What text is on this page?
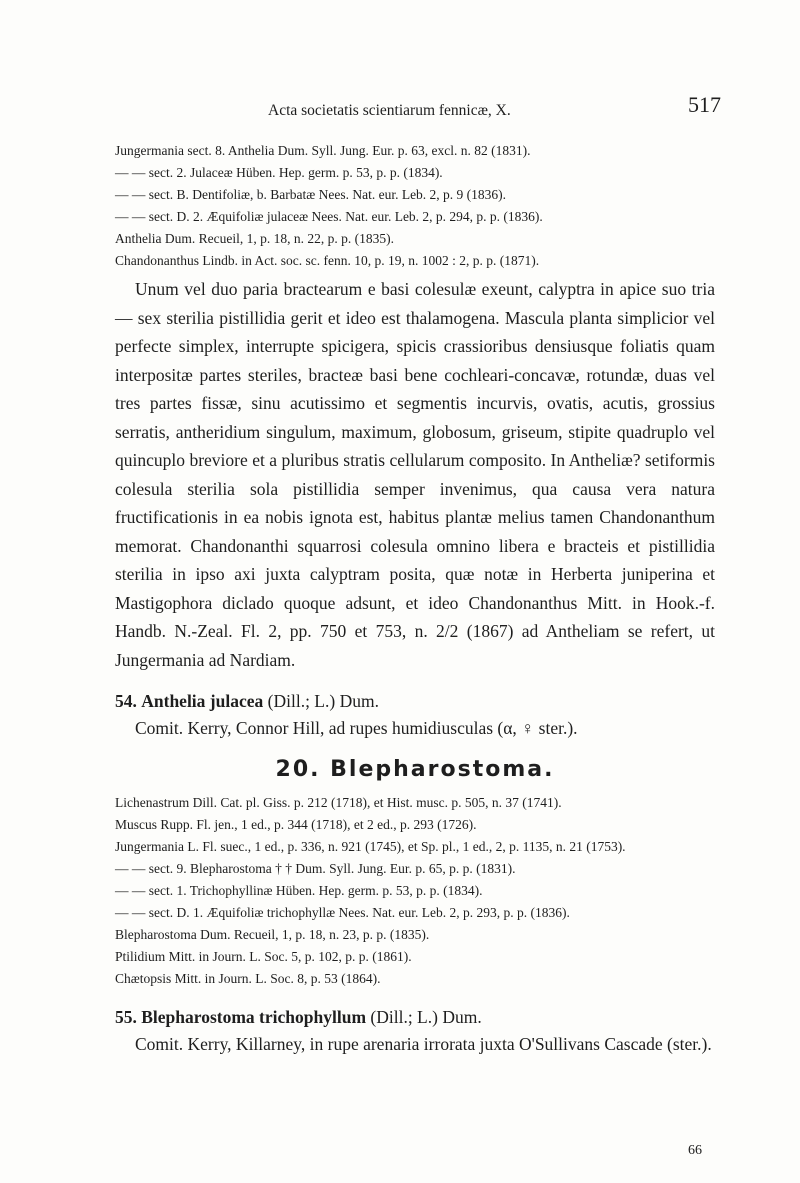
Acta societatis scientiarum fennicæ, X.	517
Jungermania sect. 8. Anthelia Dum. Syll. Jung. Eur. p. 63, excl. n. 82 (1831).
— — sect. 2. Julaceæ Hüben. Hep. germ. p. 53, p. p. (1834).
— — sect. B. Dentifoliæ, b. Barbatæ Nees. Nat. eur. Leb. 2, p. 9 (1836).
— — sect. D. 2. Æquifoliæ julaceæ Nees. Nat. eur. Leb. 2, p. 294, p. p. (1836).
Anthelia Dum. Recueil, 1, p. 18, n. 22, p. p. (1835).
Chandonanthus Lindb. in Act. soc. sc. fenn. 10, p. 19, n. 1002 : 2, p. p. (1871).

Unum vel duo paria bractearum e basi colesulæ exeunt, calyptra in apice suo tria — sex sterilia pistillidia gerit et ideo est thalamogena. Mascula planta simplicior vel perfecte simplex, interrupte spicigera, spicis crassioribus densiusque foliatis quam interpositæ partes steriles, bracteæ basi bene cochleari-concavæ, rotundæ, duas vel tres partes fissæ, sinu acutissimo et segmentis incurvis, ovatis, acutis, grossius serratis, antheridium singulum, maximum, globosum, griseum, stipite quadruplo vel quincuplo breviore et a pluribus stratis cellularum composito. In Antheliæ? setiformis colesula sterilia sola pistillidia semper invenimus, qua causa vera natura fructificationis in ea nobis ignota est, habitus plantæ melius tamen Chandonanthum memorat. Chandonanthi squarrosi colesula omnino libera e bracteis et pistillidia sterilia in ipso axi juxta calyptram posita, quæ notæ in Herberta juniperina et Mastigophora diclado quoque adsunt, et ideo Chandonanthus Mitt. in Hook.-f. Handb. N.-Zeal. Fl. 2, pp. 750 et 753, n. 2/2 (1867) ad Antheliam se refert, ut Jungermania ad Nardiam.

54. Anthelia julacea (Dill.; L.) Dum.
Comit. Kerry, Connor Hill, ad rupes humidiusculas (α, ♀ ster.).
20. Blepharostoma.
Lichenastrum Dill. Cat. pl. Giss. p. 212 (1718), et Hist. musc. p. 505, n. 37 (1741).
Muscus Rupp. Fl. jen., 1 ed., p. 344 (1718), et 2 ed., p. 293 (1726).
Jungermania L. Fl. suec., 1 ed., p. 336, n. 921 (1745), et Sp. pl., 1 ed., 2, p. 1135, n. 21 (1753).
— — sect. 9. Blepharostoma † † Dum. Syll. Jung. Eur. p. 65, p. p. (1831).
— — sect. 1. Trichophyllinæ Hüben. Hep. germ. p. 53, p. p. (1834).
— — sect. D. 1. Æquifoliæ trichophyllæ Nees. Nat. eur. Leb. 2, p. 293, p. p. (1836).
Blepharostoma Dum. Recueil, 1, p. 18, n. 23, p. p. (1835).
Ptilidium Mitt. in Journ. L. Soc. 5, p. 102, p. p. (1861).
Chætopsis Mitt. in Journ. L. Soc. 8, p. 53 (1864).
55. Blepharostoma trichophyllum (Dill.; L.) Dum.
Comit. Kerry, Killarney, in rupe arenaria irrorata juxta O'Sullivans Cascade (ster.).
66
